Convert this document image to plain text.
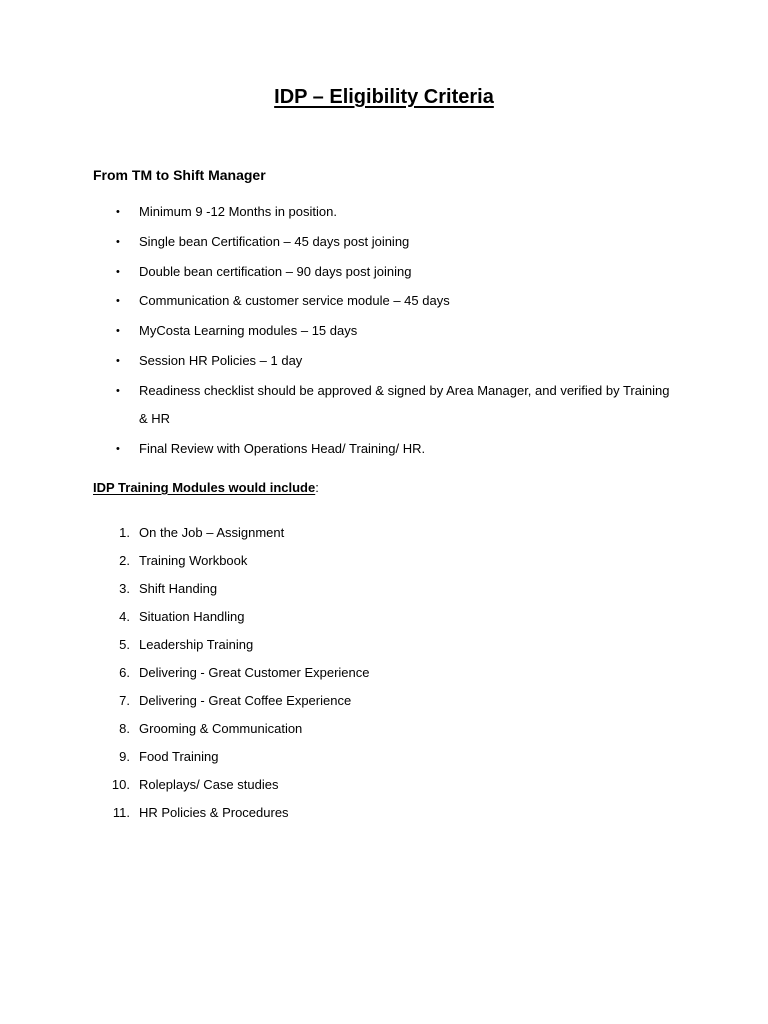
IDP – Eligibility Criteria
From TM to Shift Manager
• Minimum 9 -12 Months in position.
• Single bean Certification – 45 days post joining
• Double bean certification – 90 days post joining
• Communication & customer service module – 45 days
• MyCosta Learning modules – 15 days
• Session HR Policies – 1 day
• Readiness checklist should be approved & signed by Area Manager, and verified by Training & HR
• Final Review with Operations Head/ Training/ HR.
IDP Training Modules would include:
1. On the Job – Assignment
2. Training Workbook
3. Shift Handing
4. Situation Handling
5. Leadership Training
6. Delivering - Great Customer Experience
7. Delivering - Great Coffee Experience
8. Grooming & Communication
9. Food Training
10. Roleplays/ Case studies
11. HR Policies & Procedures
